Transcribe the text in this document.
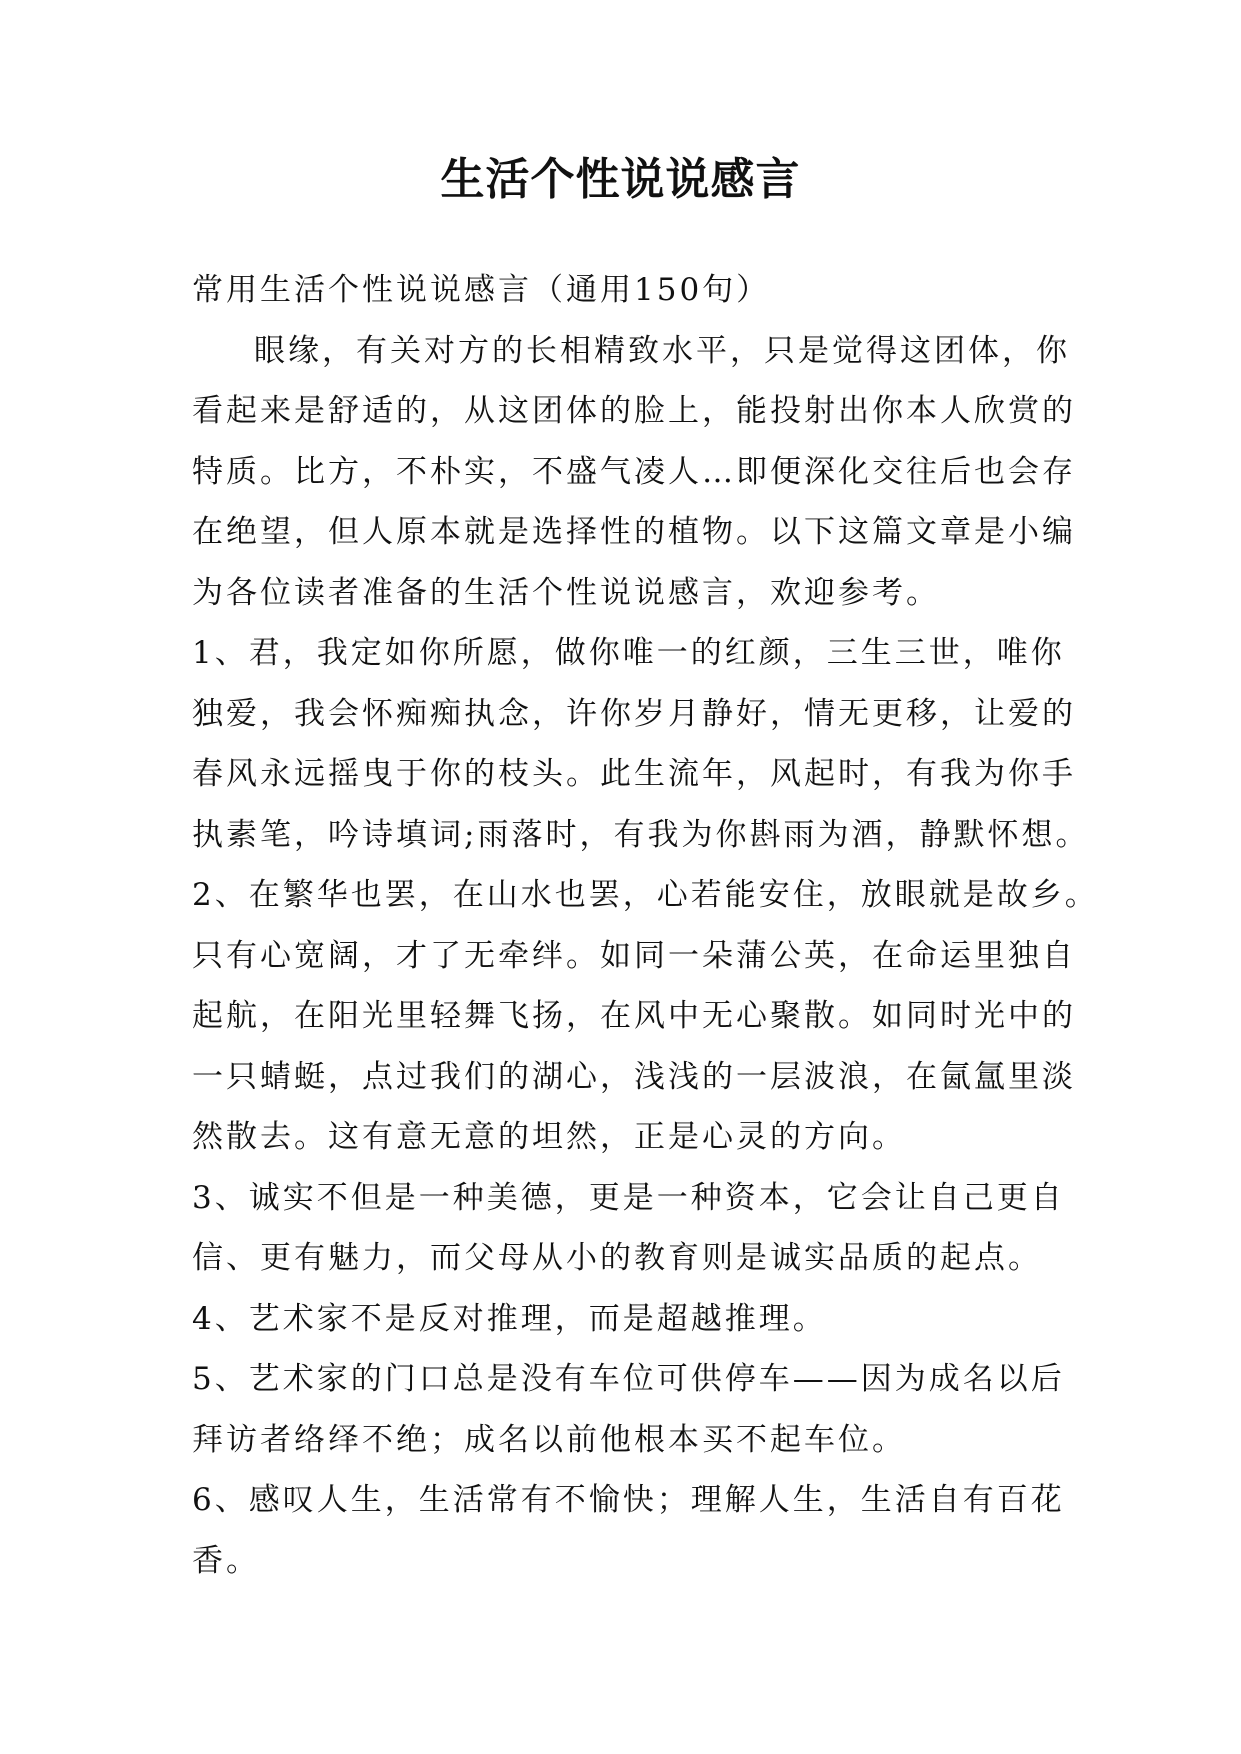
生活个性说说感言

常用生活个性说说感言（通用150句）

眼缘，有关对方的长相精致水平，只是觉得这团体，你

看起来是舒适的，从这团体的脸上，能投射出你本人欣赏的

特质。比方，不朴实，不盛气凌人…即便深化交往后也会存

在绝望，但人原本就是选择性的植物。以下这篇文章是小编

为各位读者准备的生活个性说说感言，欢迎参考。

1、君，我定如你所愿，做你唯一的红颜，三生三世，唯你

独爱，我会怀痴痴执念，许你岁月静好，情无更移，让爱的

春风永远摇曳于你的枝头。此生流年，风起时，有我为你手

执素笔，吟诗填词;雨落时，有我为你斟雨为酒，静默怀想。

2、在繁华也罢，在山水也罢，心若能安住，放眼就是故乡。

只有心宽阔，才了无牵绊。如同一朵蒲公英，在命运里独自

起航，在阳光里轻舞飞扬，在风中无心聚散。如同时光中的

一只蜻蜓，点过我们的湖心，浅浅的一层波浪，在氤氲里淡

然散去。这有意无意的坦然，正是心灵的方向。

3、诚实不但是一种美德，更是一种资本，它会让自己更自

信、更有魅力，而父母从小的教育则是诚实品质的起点。

4、艺术家不是反对推理，而是超越推理。

5、艺术家的门口总是没有车位可供停车——因为成名以后

拜访者络绎不绝；成名以前他根本买不起车位。

6、感叹人生，生活常有不愉快；理解人生，生活自有百花

香。
